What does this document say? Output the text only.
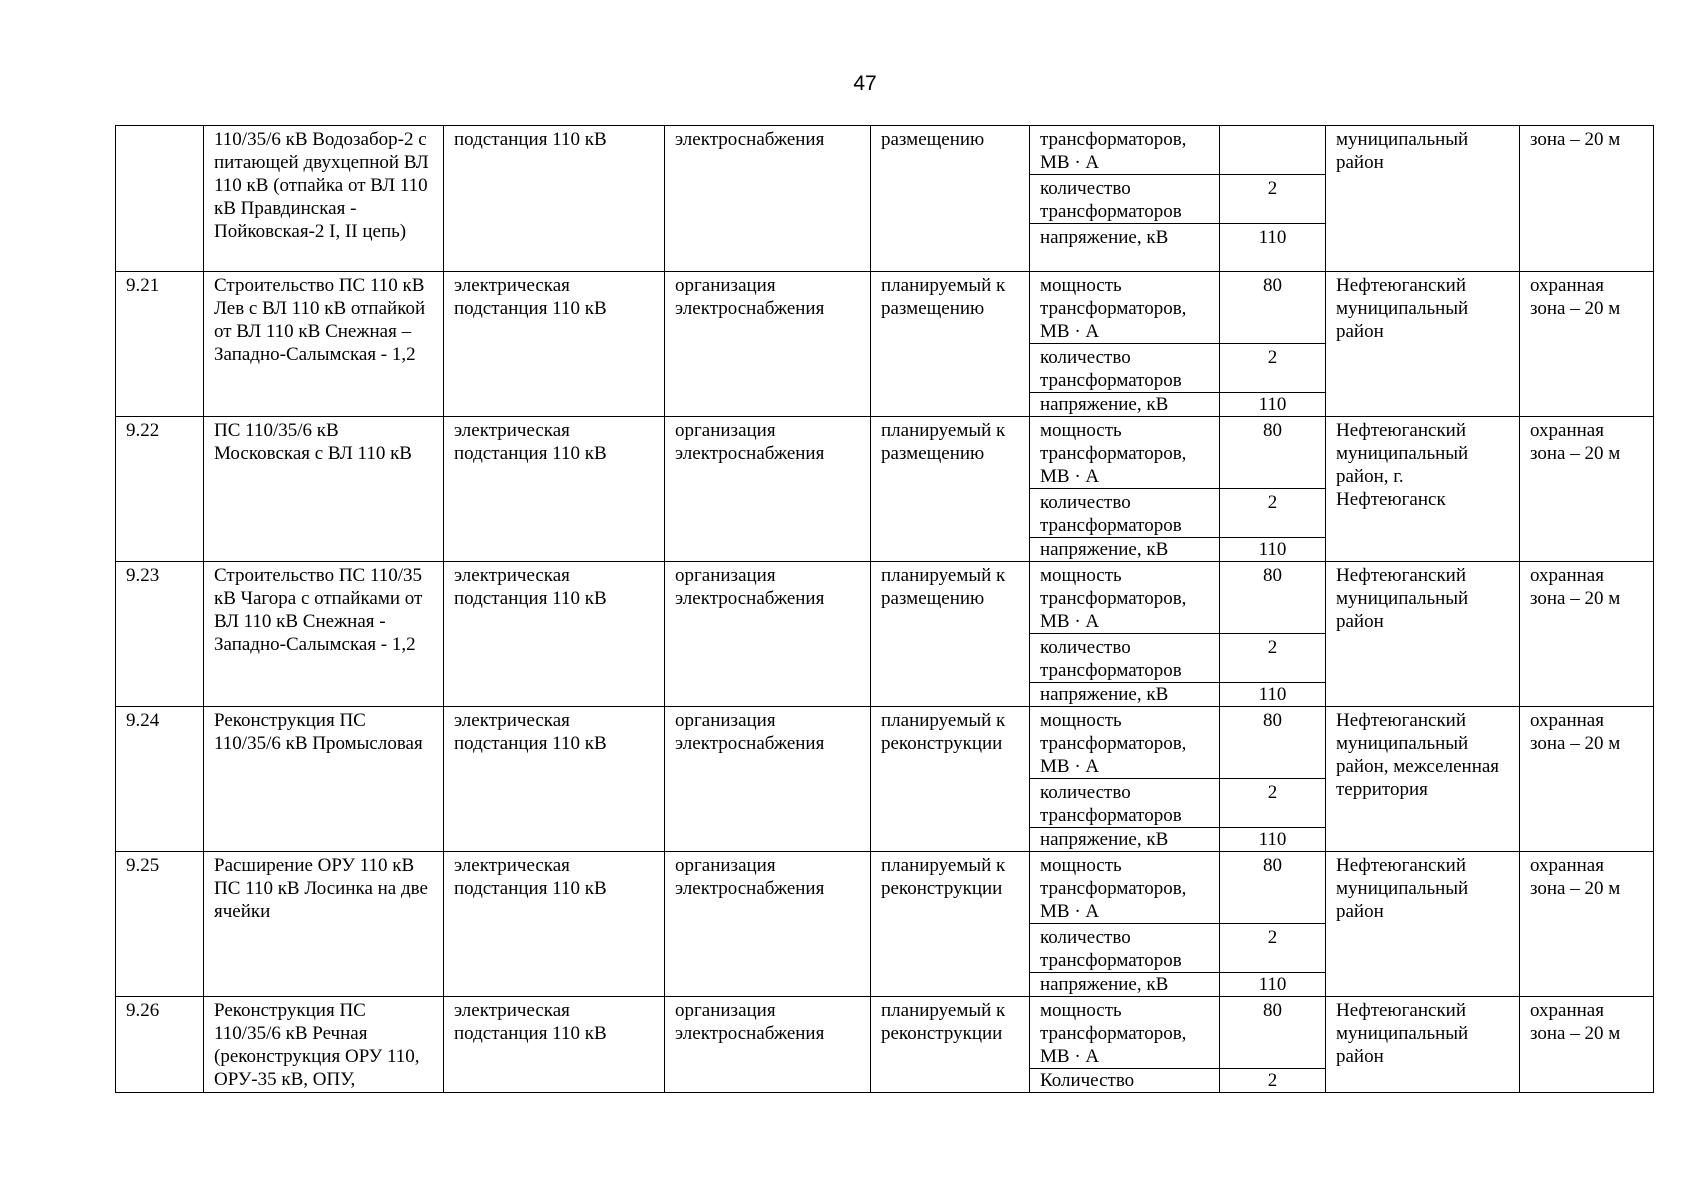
47
	110/35/6 кВ Водозабор-2 с питающей двухцепной ВЛ 110 кВ (отпайка от ВЛ 110 кВ Правдинская - Пойковская-2 I, II цепь)	подстанция 110 кВ	электроснабжения	размещению	трансформаторов, МВ · А		муниципальный район	зона – 20 м
					количество трансформаторов	2		
					напряжение, кВ	110		
9.21	Строительство ПС 110 кВ Лев с ВЛ 110 кВ отпайкой от ВЛ 110 кВ Снежная – Западно-Салымская - 1,2	электрическая подстанция 110 кВ	организация электроснабжения	планируемый к размещению	мощность трансформаторов, МВ · А	80	Нефтеюганский муниципальный район	охранная зона – 20 м
					количество трансформаторов	2		
					напряжение, кВ	110		
9.22	ПС 110/35/6 кВ Московская с ВЛ 110 кВ	электрическая подстанция 110 кВ	организация электроснабжения	планируемый к размещению	мощность трансформаторов, МВ · А	80	Нефтеюганский муниципальный район, г. Нефтеюганск	охранная зона – 20 м
					количество трансформаторов	2		
					напряжение, кВ	110		
9.23	Строительство ПС 110/35 кВ Чагора с отпайками от ВЛ 110 кВ Снежная - Западно-Салымская - 1,2	электрическая подстанция 110 кВ	организация электроснабжения	планируемый к размещению	мощность трансформаторов, МВ · А	80	Нефтеюганский муниципальный район	охранная зона – 20 м
					количество трансформаторов	2		
					напряжение, кВ	110		
9.24	Реконструкция ПС 110/35/6 кВ Промысловая	электрическая подстанция 110 кВ	организация электроснабжения	планируемый к реконструкции	мощность трансформаторов, МВ · А	80	Нефтеюганский муниципальный район, межселенная территория	охранная зона – 20 м
					количество трансформаторов	2		
					напряжение, кВ	110		
9.25	Расширение ОРУ 110 кВ ПС 110 кВ Лосинка на две ячейки	электрическая подстанция 110 кВ	организация электроснабжения	планируемый к реконструкции	мощность трансформаторов, МВ · А	80	Нефтеюганский муниципальный район	охранная зона – 20 м
					количество трансформаторов	2		
					напряжение, кВ	110		
9.26	Реконструкция ПС 110/35/6 кВ Речная (реконструкция ОРУ 110, ОРУ-35 кВ, ОПУ,	электрическая подстанция 110 кВ	организация электроснабжения	планируемый к реконструкции	мощность трансформаторов, МВ · А	80	Нефтеюганский муниципальный район	охранная зона – 20 м
					Количество	2		
